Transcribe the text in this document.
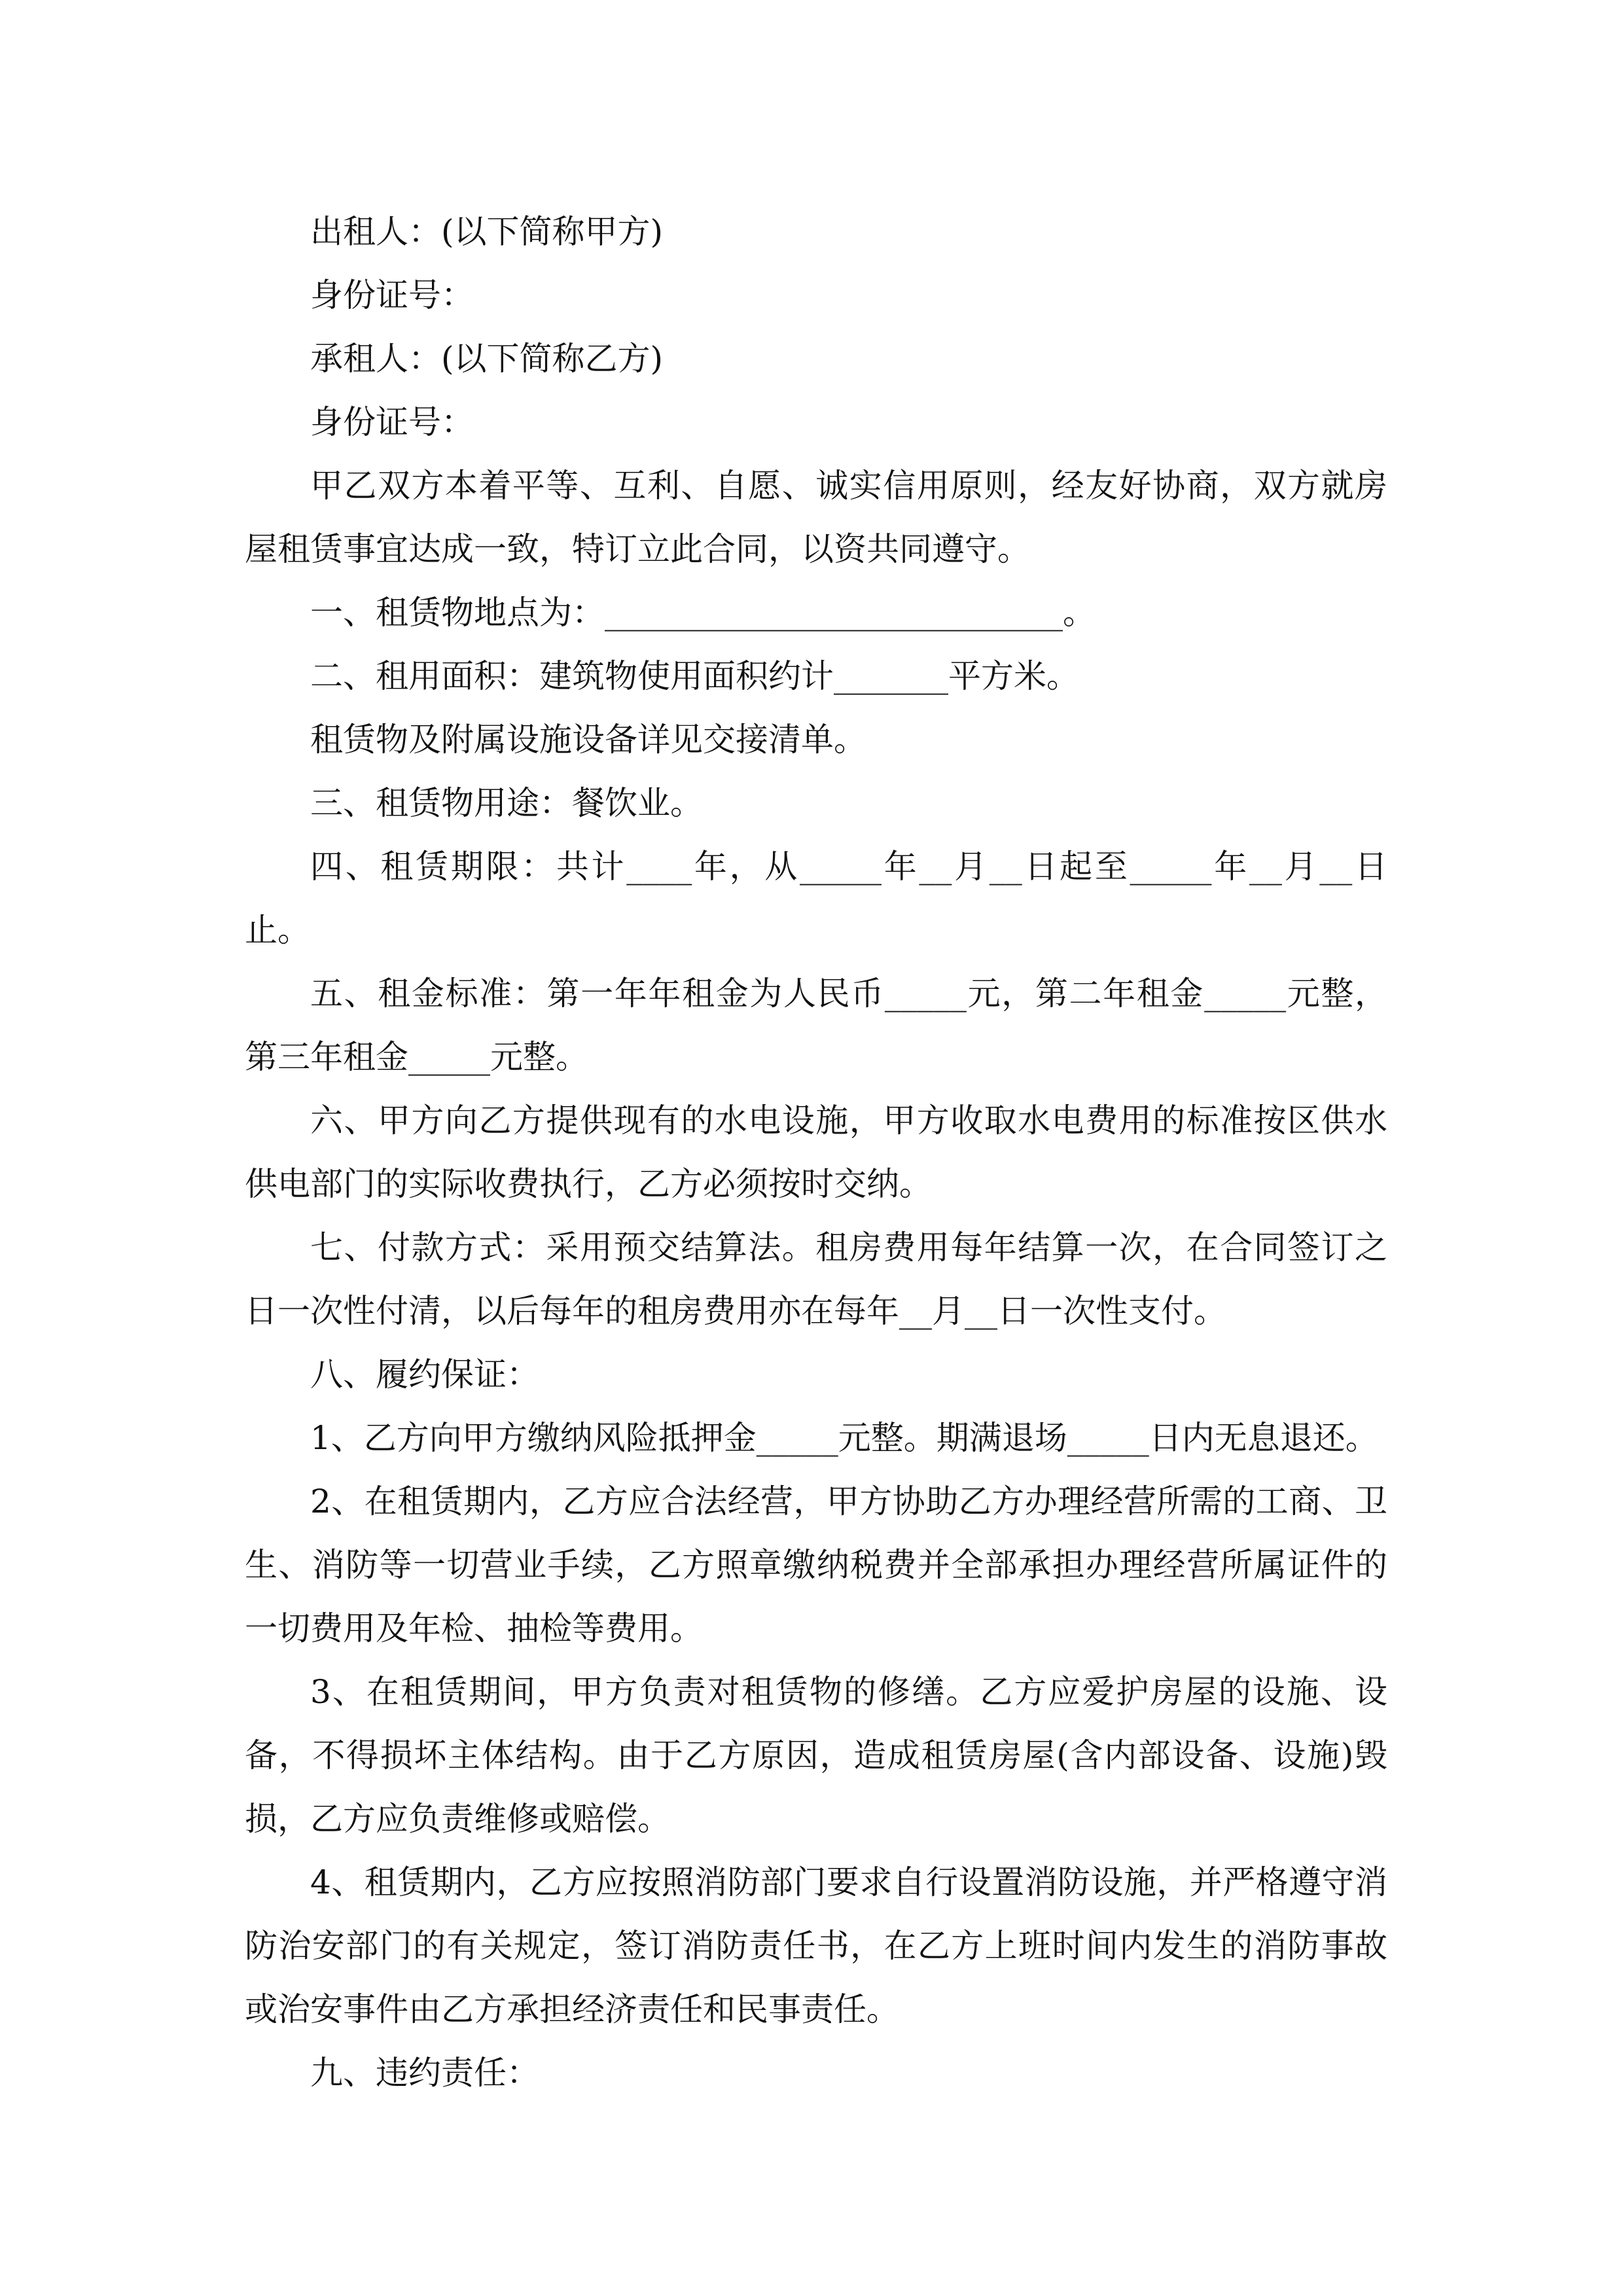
出租人：(以下简称甲方)

身份证号：

承租人：(以下简称乙方)

身份证号：

甲乙双方本着平等、互利、自愿、诚实信用原则，经友好协商，双方就房屋租赁事宜达成一致，特订立此合同，以资共同遵守。

一、租赁物地点为：____________________________。

二、租用面积：建筑物使用面积约计_______平方米。

租赁物及附属设施设备详见交接清单。

三、租赁物用途：餐饮业。

四、租赁期限：共计____年，从_____年__月__日起至_____年__月__日止。

五、租金标准：第一年年租金为人民币_____元，第二年租金_____元整，第三年租金_____元整。

六、甲方向乙方提供现有的水电设施，甲方收取水电费用的标准按区供水供电部门的实际收费执行，乙方必须按时交纳。

七、付款方式：采用预交结算法。租房费用每年结算一次，在合同签订之日一次性付清，以后每年的租房费用亦在每年__月__日一次性支付。

八、履约保证：

1、乙方向甲方缴纳风险抵押金_____元整。期满退场_____日内无息退还。

2、在租赁期内，乙方应合法经营，甲方协助乙方办理经营所需的工商、卫生、消防等一切营业手续，乙方照章缴纳税费并全部承担办理经营所属证件的一切费用及年检、抽检等费用。

3、在租赁期间，甲方负责对租赁物的修缮。乙方应爱护房屋的设施、设备，不得损坏主体结构。由于乙方原因，造成租赁房屋(含内部设备、设施)毁损，乙方应负责维修或赔偿。

4、租赁期内，乙方应按照消防部门要求自行设置消防设施，并严格遵守消防治安部门的有关规定，签订消防责任书，在乙方上班时间内发生的消防事故或治安事件由乙方承担经济责任和民事责任。

九、违约责任：
